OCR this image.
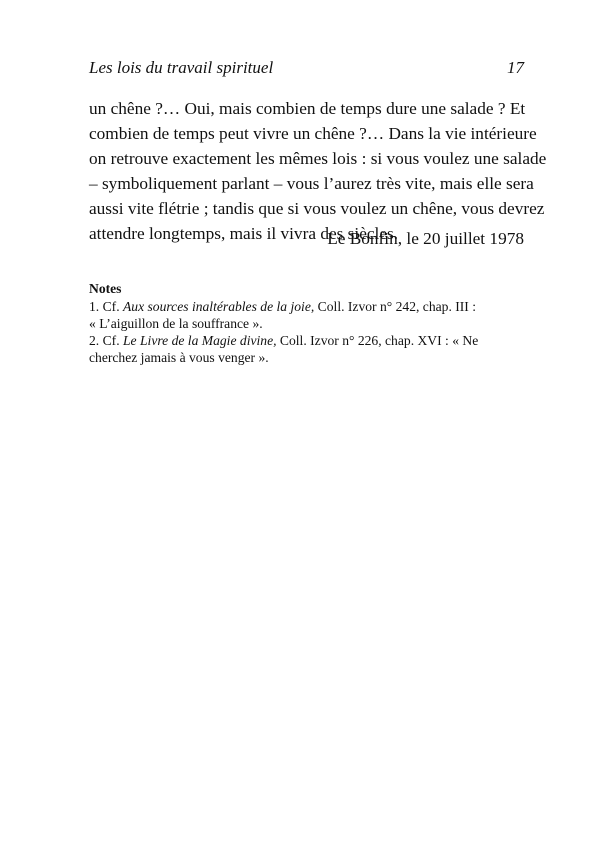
Les lois du travail spirituel	17
un chêne ?… Oui, mais combien de temps dure une salade ? Et
combien de temps peut vivre un chêne ?… Dans la vie intérieure
on retrouve exactement les mêmes lois : si vous voulez une salade
– symboliquement parlant – vous l’aurez très vite, mais elle sera
aussi vite flétrie ; tandis que si vous voulez un chêne, vous devrez
attendre longtemps, mais il vivra des siècles.
Le Bonfin, le 20 juillet 1978
Notes
1. Cf. Aux sources inaltérables de la joie, Coll. Izvor n° 242, chap. III :
« L’aiguillon de la souffrance ».
2. Cf. Le Livre de la Magie divine, Coll. Izvor n° 226, chap. XVI : « Ne
cherchez jamais à vous venger ».
